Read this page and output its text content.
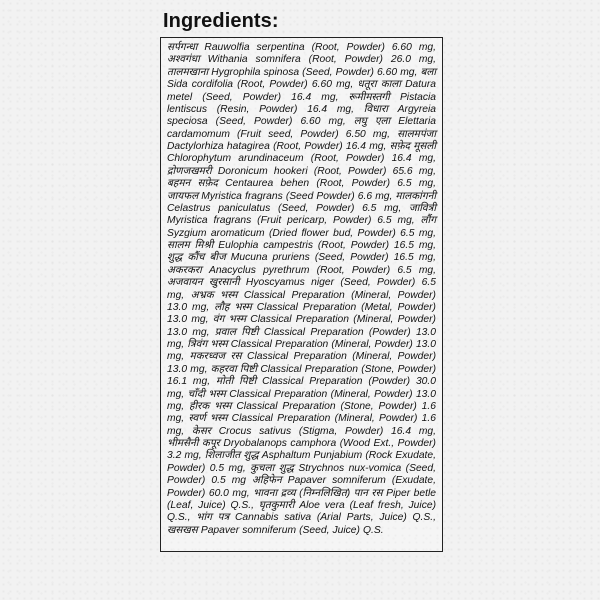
Ingredients:

सर्पगन्धा Rauwolfia serpentina (Root, Powder) 6.60 mg, अश्वगंधा Withania somnifera (Root, Powder) 26.0 mg, तालमखाना Hygrophila spinosa (Seed, Powder) 6.60 mg, बला Sida cordifolia (Root, Powder) 6.60 mg, धतूरा काला Datura metel (Seed, Powder) 16.4 mg, रूमीमस्तगी Pistacia lentiscus (Resin, Powder) 16.4 mg, विधारा Argyreia speciosa (Seed, Powder) 6.60 mg, लघु एला Elettaria cardamomum (Fruit seed, Powder) 6.50 mg, सालमपंजा Dactylorhiza hatagirea (Root, Powder) 16.4 mg, सफ़ेद मूसली Chlorophytum arundinaceum (Root, Powder) 16.4 mg, द्रोणजखमरी Doronicum hookeri (Root, Powder) 65.6 mg, बहमन सफ़ेद Centaurea behen (Root, Powder) 6.5 mg, जायफल Myristica fragrans (Seed Powder) 6.6 mg, मालकांगनी Celastrus paniculatus (Seed, Powder) 6.5 mg, जावित्री Myristica fragrans (Fruit pericarp, Powder) 6.5 mg, लौंग Syzgium aromaticum (Dried flower bud, Powder) 6.5 mg, सालम मिश्री Eulophia campestris (Root, Powder) 16.5 mg, शुद्ध कौंच बीज Mucuna pruriens (Seed, Powder) 16.5 mg, अकरकरा Anacyclus pyrethrum (Root, Powder) 6.5 mg, अजवायन खुरसानी Hyoscyamus niger (Seed, Powder) 6.5 mg, अभ्रक भस्म Classical Preparation (Mineral, Powder) 13.0 mg, लौह भस्म Classical Preparation (Metal, Powder) 13.0 mg, वंग भस्म Classical Preparation (Mineral, Powder) 13.0 mg, प्रवाल पिष्टी Classical Preparation (Powder) 13.0 mg, त्रिवंग भस्म Classical Preparation (Mineral, Powder) 13.0 mg, मकरध्वज रस Classical Preparation (Mineral, Powder) 13.0 mg, कहरवा पिष्टी Classical Preparation (Stone, Powder) 16.1 mg, मोती पिष्टी Classical Preparation (Powder) 30.0 mg, चाँदी भस्म Classical Preparation (Mineral, Powder) 13.0 mg, हीरक भस्म Classical Preparation (Stone, Powder) 1.6 mg, स्वर्ण भस्म Classical Preparation (Mineral, Powder) 1.6 mg, केसर Crocus sativus (Stigma, Powder) 16.4 mg, भीमसैनी कपूर Dryobalanops camphora (Wood Ext., Powder) 3.2 mg, शिलाजीत शुद्ध Asphaltum Punjabium (Rock Exudate, Powder) 0.5 mg, कुचला शुद्ध Strychnos nux-vomica (Seed, Powder) 0.5 mg अहिफेन Papaver somniferum (Exudate, Powder) 60.0 mg, भावना द्रव्य (निम्नलिखित) पान रस Piper betle (Leaf, Juice) Q.S., घृतकुमारी Aloe vera (Leaf fresh, Juice) Q.S., भांग पत्र Cannabis sativa (Arial Parts, Juice) Q.S., खसखस Papaver somniferum (Seed, Juice) Q.S.
